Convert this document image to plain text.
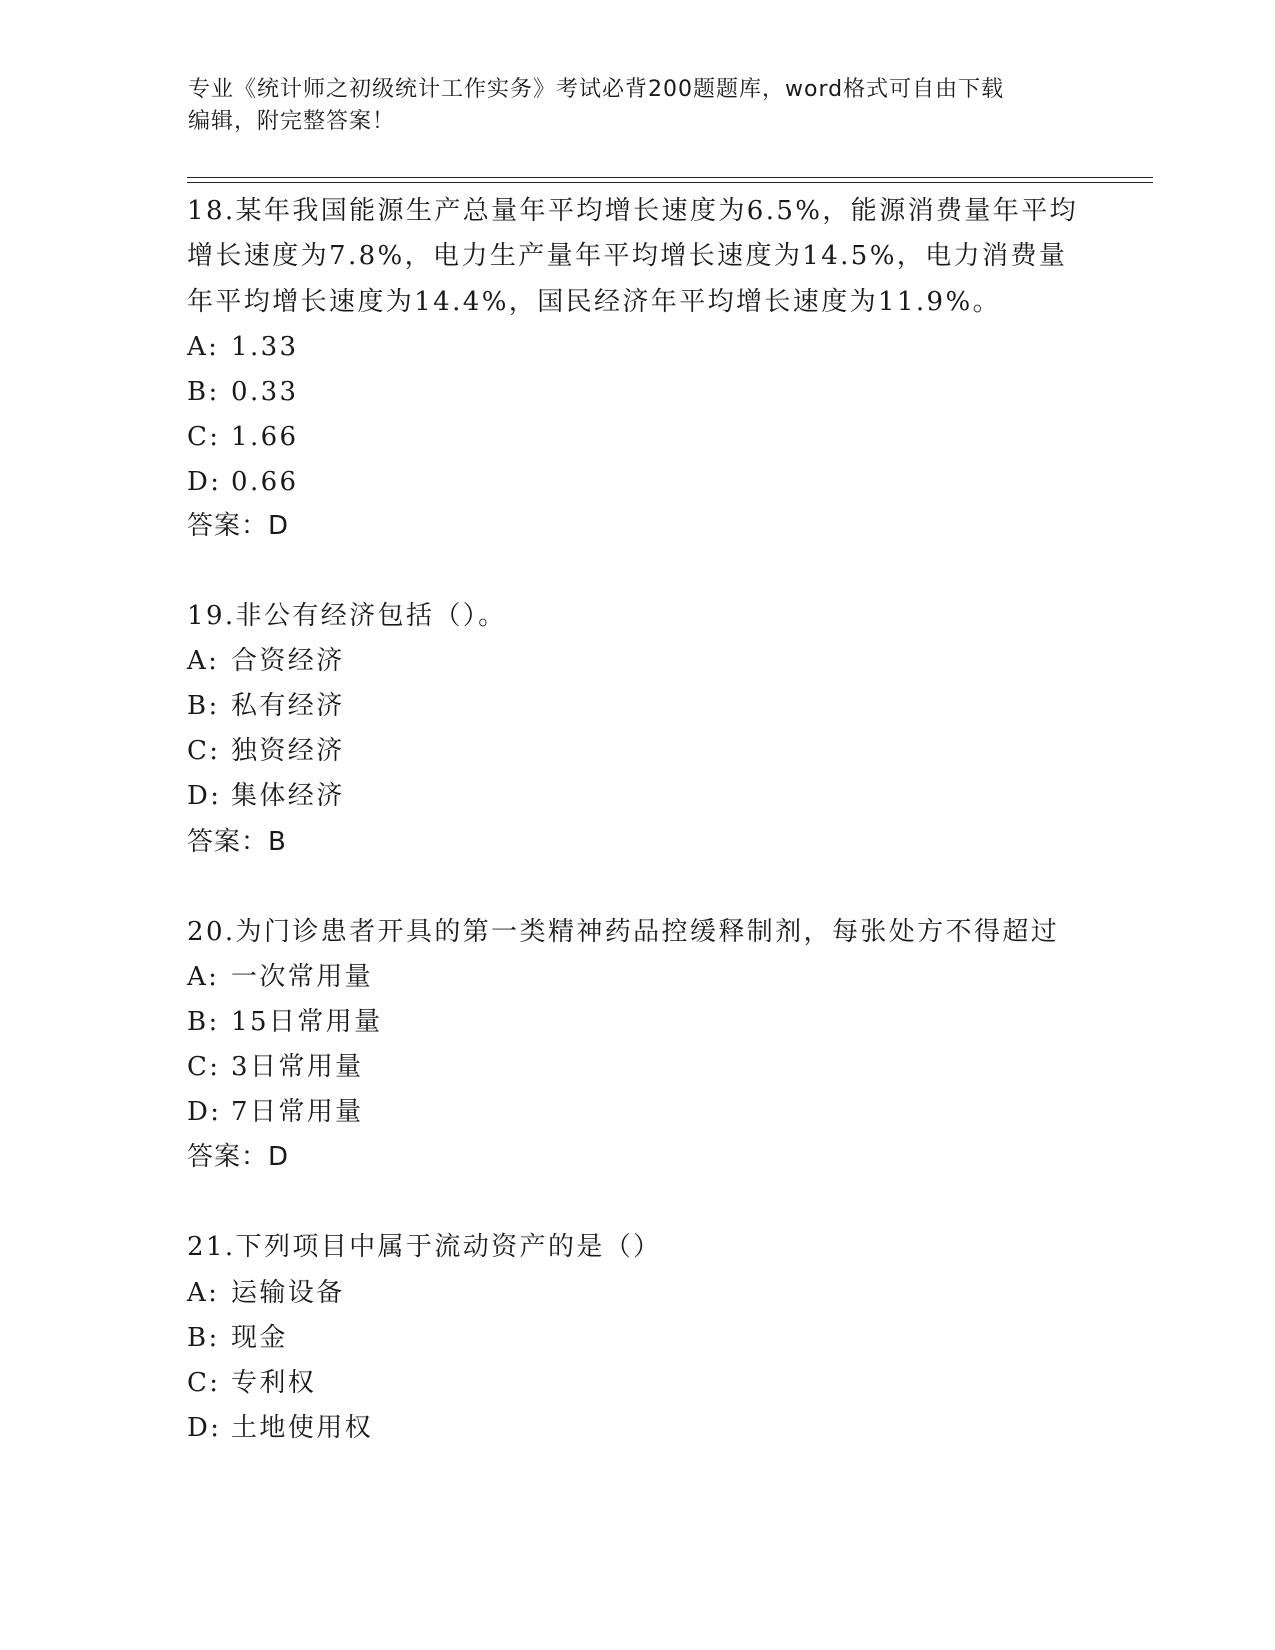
专业《统计师之初级统计工作实务》考试必背200题题库，word格式可自由下载
编辑，附完整答案！
18.某年我国能源生产总量年平均增长速度为6.5%，能源消费量年平均
增长速度为7.8%，电力生产量年平均增长速度为14.5%，电力消费量
年平均增长速度为14.4%，国民经济年平均增长速度为11.9%。
A: 1.33
B: 0.33
C: 1.66
D: 0.66
答案：D
19.非公有经济包括（）。
A: 合资经济
B: 私有经济
C: 独资经济
D: 集体经济
答案：B
20.为门诊患者开具的第一类精神药品控缓释制剂，每张处方不得超过
A: 一次常用量
B: 15日常用量
C: 3日常用量
D: 7日常用量
答案：D
21.下列项目中属于流动资产的是（）
A: 运输设备
B: 现金
C: 专利权
D: 土地使用权
